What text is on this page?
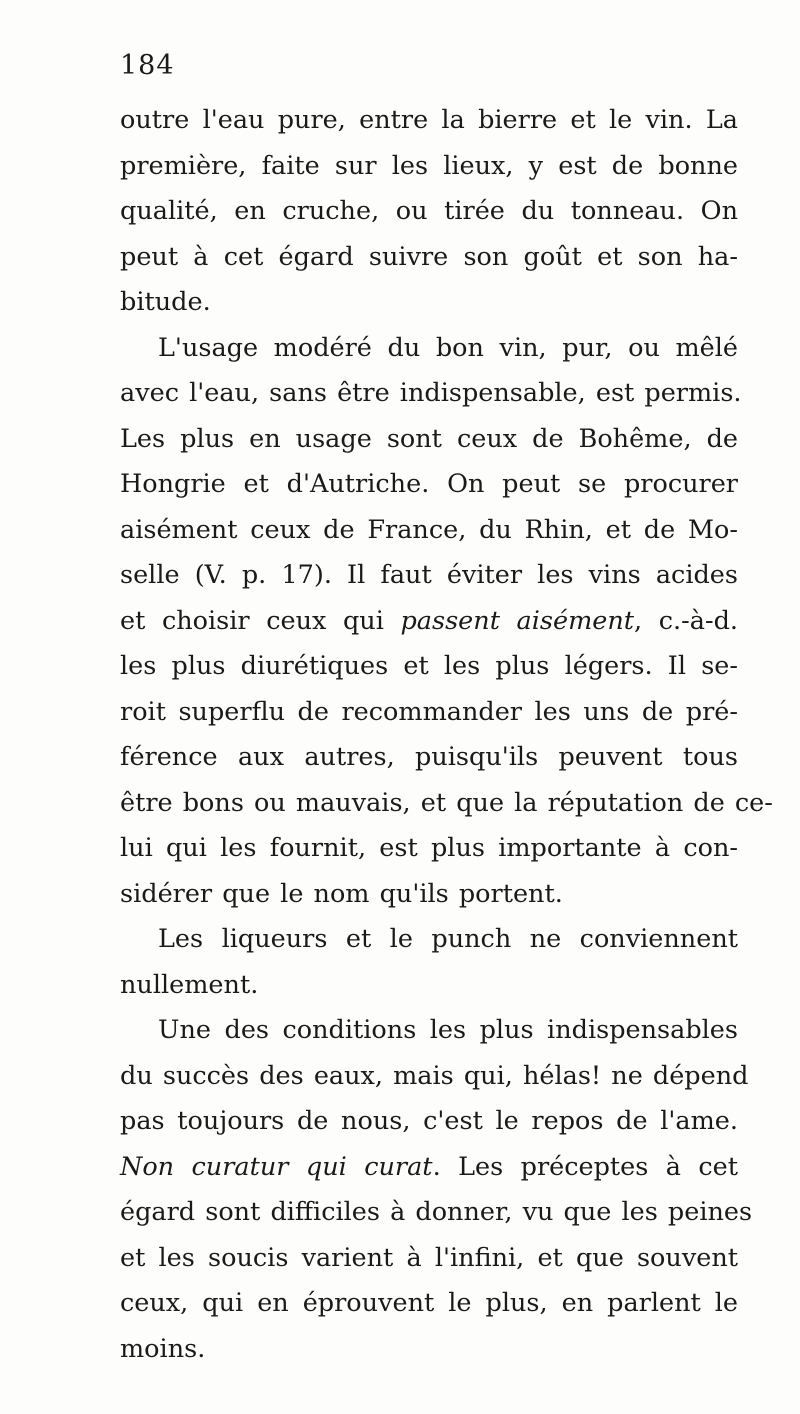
184
outre l'eau pure, entre la bierre et le vin. La
première, faite sur les lieux, y est de bonne
qualité, en cruche, ou tirée du tonneau. On
peut à cet égard suivre son goût et son ha-
bitude.
L'usage modéré du bon vin, pur, ou mêlé
avec l'eau, sans être indispensable, est permis.
Les plus en usage sont ceux de Bohême, de
Hongrie et d'Autriche. On peut se procurer
aisément ceux de France, du Rhin, et de Mo-
selle (V. p. 17). Il faut éviter les vins acides
et choisir ceux qui passent aisément, c.-à-d.
les plus diurétiques et les plus légers. Il se-
roit superflu de recommander les uns de pré-
férence aux autres, puisqu'ils peuvent tous
être bons ou mauvais, et que la réputation de ce-
lui qui les fournit, est plus importante à con-
sidérer que le nom qu'ils portent.
Les liqueurs et le punch ne conviennent
nullement.
Une des conditions les plus indispensables
du succès des eaux, mais qui, hélas! ne dépend
pas toujours de nous, c'est le repos de l'ame.
Non curatur qui curat. Les préceptes à cet
égard sont difficiles à donner, vu que les peines
et les soucis varient à l'infini, et que souvent
ceux, qui en éprouvent le plus, en parlent le
moins.
